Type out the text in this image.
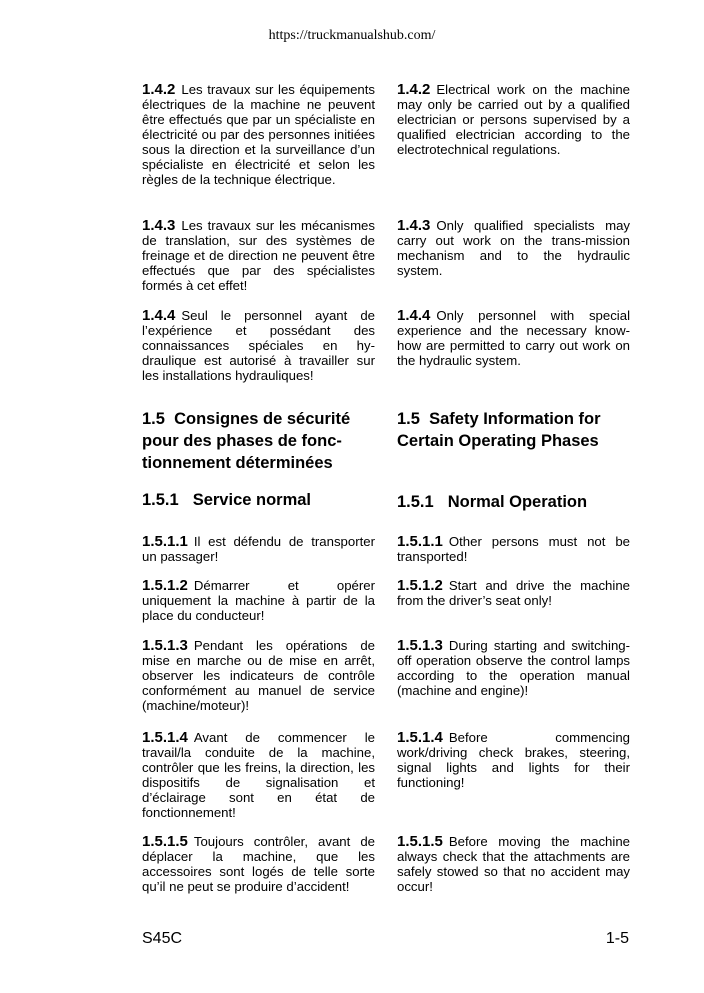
https://truckmanualshub.com/

1.4.2 Les travaux sur les équipements électriques de la machine ne peuvent être effectués que par un spécialiste en électricité ou par des personnes initiées sous la direction et la surveillance d’un spécialiste en électricité et selon les règles de la technique électrique.

1.4.3 Les travaux sur les mécanismes de translation, sur des systèmes de freinage et de direction ne peuvent être effectués que par des spécialistes formés à cet effet!

1.4.4 Seul le personnel ayant de l’expérience et possédant des connaissances spéciales en hy-draulique est autorisé à travailler sur les installations hydrauliques!

1.5 Consignes de sécurité pour des phases de fonc-tionnement déterminées

1.5.1 Service normal

1.5.1.1 Il est défendu de transporter un passager!

1.5.1.2 Démarrer et opérer uniquement la machine à partir de la place du conducteur!

1.5.1.3 Pendant les opérations de mise en marche ou de mise en arrêt, observer les indicateurs de contrôle conformément au manuel de service (machine/moteur)!

1.5.1.4 Avant de commencer le travail/la conduite de la machine, contrôler que les freins, la direction, les dispositifs de signalisation et d’éclairage sont en état de fonctionnement!

1.5.1.5 Toujours contrôler, avant de déplacer la machine, que les accessoires sont logés de telle sorte qu’il ne peut se produire d’accident!

1.4.2 Electrical work on the machine may only be carried out by a qualified electrician or persons supervised by a qualified electrician according to the electrotechnical regulations.

1.4.3 Only qualified specialists may carry out work on the trans-mission mechanism and to the hydraulic system.

1.4.4 Only personnel with special experience and the necessary know-how are permitted to carry out work on the hydraulic system.

1.5 Safety Information for Certain Operating Phases

1.5.1 Normal Operation

1.5.1.1 Other persons must not be transported!

1.5.1.2 Start and drive the machine from the driver’s seat only!

1.5.1.3 During starting and switching-off operation observe the control lamps according to the operation manual (machine and engine)!

1.5.1.4 Before commencing work/driving check brakes, steering, signal lights and lights for their functioning!

1.5.1.5 Before moving the machine always check that the attachments are safely stowed so that no accident may occur!

S45C	1-5
